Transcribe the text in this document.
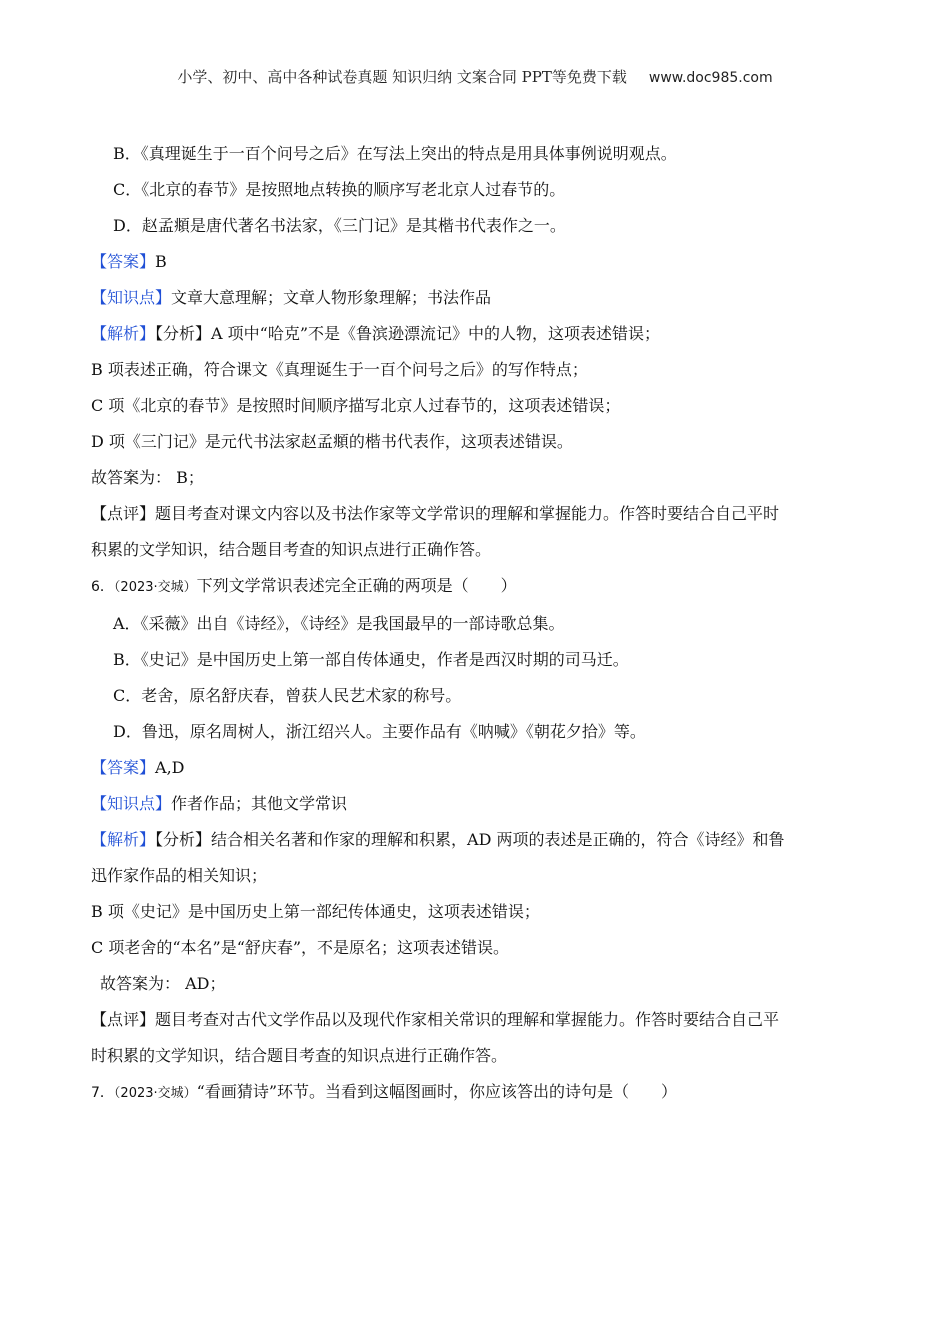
小学、初中、高中各种试卷真题 知识归纳 文案合同 PPT等免费下载 www.doc985.com
B．《真理诞生于一百个问号之后》在写法上突出的特点是用具体事例说明观点。
C．《北京的春节》是按照地点转换的顺序写老北京人过春节的。
D．赵孟頫是唐代著名书法家，《三门记》是其楷书代表作之一。
【答案】B
【知识点】文章大意理解；文章人物形象理解；书法作品
【解析】【分析】A 项中“哈克”不是《鲁滨逊漂流记》中的人物，这项表述错误；
B 项表述正确，符合课文《真理诞生于一百个问号之后》的写作特点；
C 项《北京的春节》是按照时间顺序描写北京人过春节的，这项表述错误；
D 项《三门记》是元代书法家赵孟頫的楷书代表作，这项表述错误。
故答案为： B；
【点评】题目考查对课文内容以及书法作家等文学常识的理解和掌握能力。作答时要结合自己平时
积累的文学知识，结合题目考查的知识点进行正确作答。
6．（2023·交城）下列文学常识表述完全正确的两项是（　　）
A．《采薇》出自《诗经》，《诗经》是我国最早的一部诗歌总集。
B．《史记》是中国历史上第一部自传体通史，作者是西汉时期的司马迁。
C．老舍，原名舒庆春，曾获人民艺术家的称号。
D．鲁迅，原名周树人，浙江绍兴人。主要作品有《呐喊》《朝花夕拾》等。
【答案】A,D
【知识点】作者作品；其他文学常识
【解析】【分析】结合相关名著和作家的理解和积累，AD 两项的表述是正确的，符合《诗经》和鲁
迅作家作品的相关知识；
B 项《史记》是中国历史上第一部纪传体通史，这项表述错误；
C 项老舍的“本名”是“舒庆春”，不是原名；这项表述错误。
故答案为： AD；
【点评】题目考查对古代文学作品以及现代作家相关常识的理解和掌握能力。作答时要结合自己平
时积累的文学知识，结合题目考查的知识点进行正确作答。
7．（2023·交城）“看画猜诗”环节。当看到这幅图画时，你应该答出的诗句是（　　）
